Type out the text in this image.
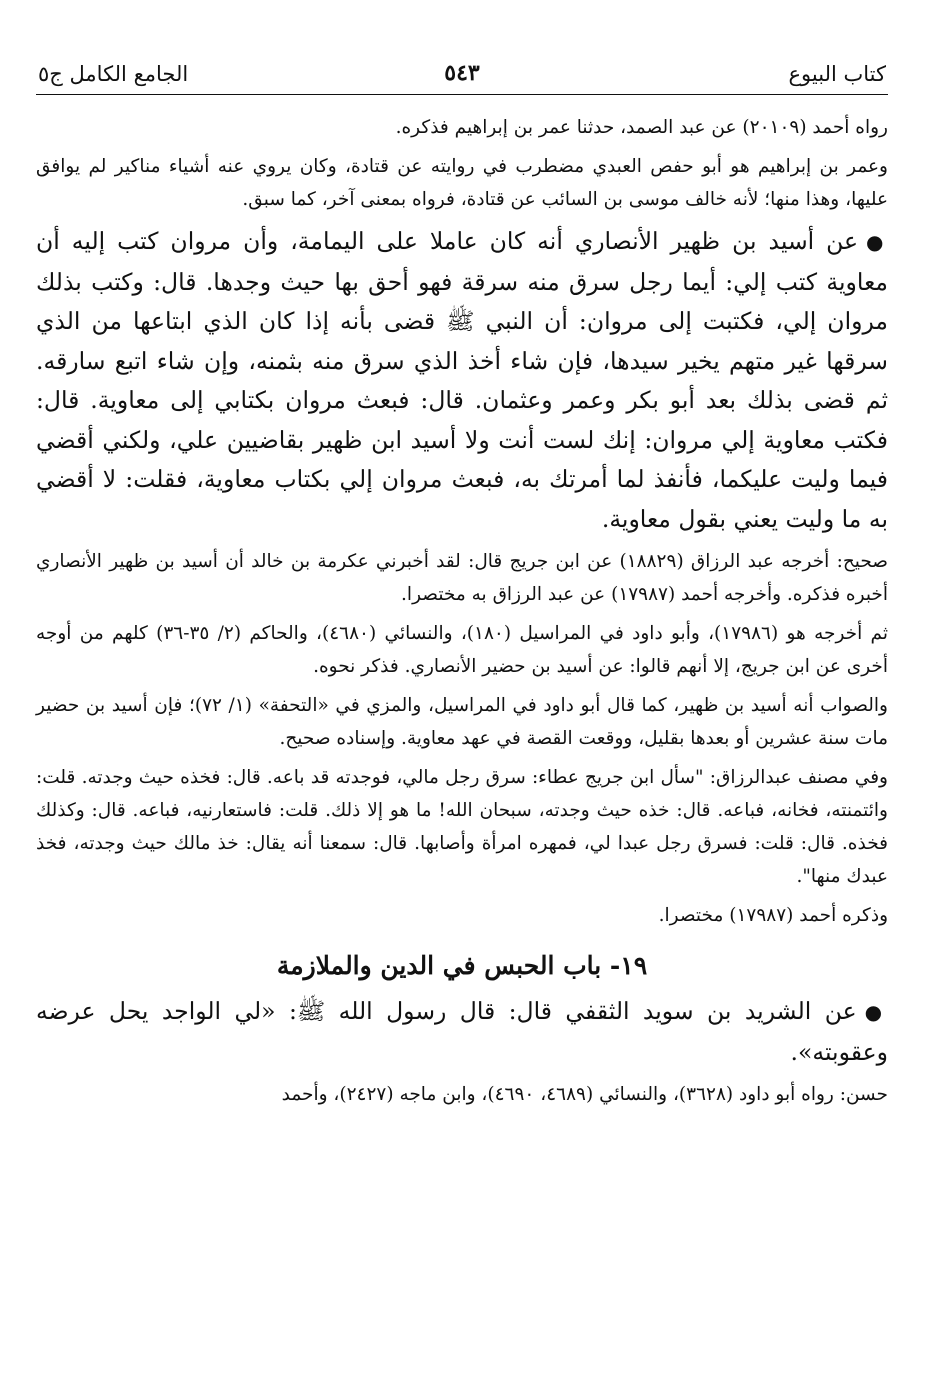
كتاب البيوع
٥٤٣
الجامع الكامل ج٥

رواه أحمد (٢٠١٠٩) عن عبد الصمد، حدثنا عمر بن إبراهيم فذكره.

وعمر بن إبراهيم هو أبو حفص العبدي مضطرب في روايته عن قتادة، وكان يروي عنه أشياء مناكير لم يوافق عليها، وهذا منها؛ لأنه خالف موسى بن السائب عن قتادة، فرواه بمعنى آخر، كما سبق.

●عن أسيد بن ظهير الأنصاري أنه كان عاملا على اليمامة، وأن مروان كتب إليه أن معاوية كتب إلي: أيما رجل سرق منه سرقة فهو أحق بها حيث وجدها. قال: وكتب بذلك مروان إلي، فكتبت إلى مروان: أن النبي ﷺ قضى بأنه إذا كان الذي ابتاعها من الذي سرقها غير متهم يخير سيدها، فإن شاء أخذ الذي سرق منه بثمنه، وإن شاء اتبع سارقه. ثم قضى بذلك بعد أبو بكر وعمر وعثمان. قال: فبعث مروان بكتابي إلى معاوية. قال: فكتب معاوية إلي مروان: إنك لست أنت ولا أسيد ابن ظهير بقاضيين علي، ولكني أقضي فيما وليت عليكما، فأنفذ لما أمرتك به، فبعث مروان إلي بكتاب معاوية، فقلت: لا أقضي به ما وليت يعني بقول معاوية.

صحيح: أخرجه عبد الرزاق (١٨٨٢٩) عن ابن جريج قال: لقد أخبرني عكرمة بن خالد أن أسيد بن ظهير الأنصاري أخبره فذكره. وأخرجه أحمد (١٧٩٨٧) عن عبد الرزاق به مختصرا.

ثم أخرجه هو (١٧٩٨٦)، وأبو داود في المراسيل (١٨٠)، والنسائي (٤٦٨٠)، والحاكم (٢/ ٣٥-٣٦) كلهم من أوجه أخرى عن ابن جريج، إلا أنهم قالوا: عن أسيد بن حضير الأنصاري. فذكر نحوه.

والصواب أنه أسيد بن ظهير، كما قال أبو داود في المراسيل، والمزي في «التحفة» (١/ ٧٢)؛ فإن أسيد بن حضير مات سنة عشرين أو بعدها بقليل، ووقعت القصة في عهد معاوية. وإسناده صحيح.

وفي مصنف عبدالرزاق: "سأل ابن جريج عطاء: سرق رجل مالي، فوجدته قد باعه. قال: فخذه حيث وجدته. قلت: وائتمنته، فخانه، فباعه. قال: خذه حيث وجدته، سبحان الله! ما هو إلا ذلك. قلت: فاستعارنيه، فباعه. قال: وكذلك فخذه. قال: قلت: فسرق رجل عبدا لي، فمهره امرأة وأصابها. قال: سمعنا أنه يقال: خذ مالك حيث وجدته، فخذ عبدك منها".

وذكره أحمد (١٧٩٨٧) مختصرا.

١٩- باب الحبس في الدين والملازمة

●عن الشريد بن سويد الثقفي قال: قال رسول الله ﷺ: «لي الواجد يحل عرضه وعقوبته».

حسن: رواه أبو داود (٣٦٢٨)، والنسائي (٤٦٨٩، ٤٦٩٠)، وابن ماجه (٢٤٢٧)، وأحمد
